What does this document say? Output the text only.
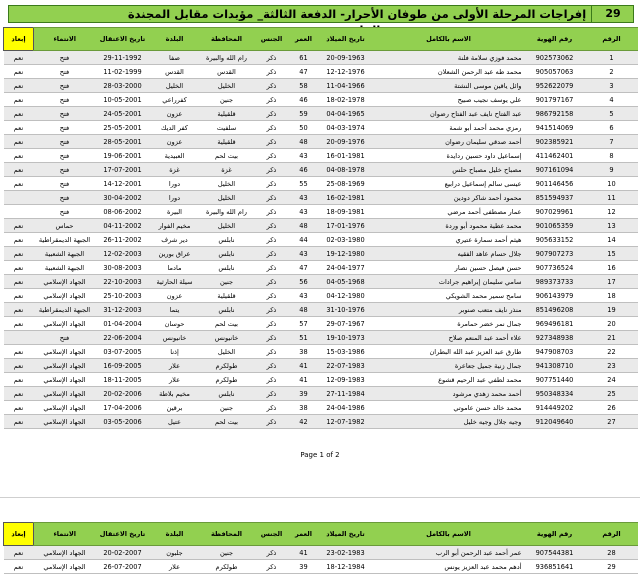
إفراجات المرحلة الأولى من طوفان الأحرار- الدفعة الثالثة_ مؤبدات مقابل المجندة	29
الرقم	رقم الهوية	الاسم بالكامل	تاريخ الميلاد	العمر	الجنس	المحافظة	البلدة	تاريخ الاعتقال	الانتماء	إبعاد
1	902573062	محمد فوزي سلامة فلنة	20-09-1963	61	ذكر	رام الله والبيرة	صفا	29-11-1992	فتح	نعم
2	905057063	محمد طه عبد الرحمن الشعلان	12-12-1976	47	ذكر	القدس	القدس	11-02-1999	فتح	نعم
3	952622079	وائل ياقين موسى النشتة	11-04-1966	58	ذكر	الخليل	الخليل	28-03-2000	فتح	نعم
4	901797167	علي يوسف نجيب صبيح	18-02-1978	46	ذكر	جنين	كفرراعي	10-05-2001	فتح	نعم
5	986792158	عبد الفتاح نايف عبد الفتاح رضوان	04-04-1965	59	ذكر	قلقيلية	عزون	24-05-2001	فتح	نعم
6	941514069	رمزي محمد أحمد أبو شمة	04-03-1974	50	ذكر	سلفيت	كفر الديك	25-05-2001	فتح	نعم
7	902385921	أحمد صدقي سليمان رضوان	20-09-1976	48	ذكر	قلقيلية	عزون	28-05-2001	فتح	نعم
8	411462401	إسماعيل داود حسين ردايدة	16-01-1981	43	ذكر	بيت لحم	العبيدية	19-06-2001	فتح	نعم
9	907161094	مصباح خليل مصباح حلس	04-08-1978	46	ذكر	غزة	غزة	17-07-2001	فتح	نعم
10	901146456	عيسى سالم إسماعيل درابيع	25-08-1969	55	ذكر	الخليل	دورا	14-12-2001	فتح	نعم
11	851594937	محمود أحمد شاكر دودين	16-02-1981	43	ذكر	الخليل	دورا	30-04-2002	فتح	
12	907029961	عمار مصطفى أحمد مرضي	18-09-1981	43	ذكر	رام الله والبيرة	البيرة	08-06-2002	فتح	
13	901065359	محمد عطية محمود أبو وردة	17-01-1976	48	ذكر	الخليل	مخيم الفوار	04-11-2002	حماس	نعم
14	905633152	هيثم أحمد سمارة عتيري	02-03-1980	44	ذكر	نابلس	دير شرف	26-11-2002	الجبهة الديمقراطية	نعم
15	907907273	جلال حسام عاهد الفقيه	19-12-1980	43	ذكر	نابلس	عراق بورين	12-02-2003	الجبهة الشعبية	نعم
16	907736524	حسن فيصل حسين نصار	24-04-1977	47	ذكر	نابلس	مادما	30-08-2003	الجبهة الشعبية	نعم
17	989373733	سامي سليمان إبراهيم جرادات	04-05-1968	56	ذكر	جنين	سيلة الحارثية	22-10-2003	الجهاد الإسلامي	نعم
18	906143979	سامح سمير محمد الشويكي	04-12-1980	43	ذكر	قلقيلية	عزون	25-10-2003	الجهاد الإسلامي	نعم
19	851496208	منذر نايف متعب صنوبر	31-10-1976	48	ذكر	نابلس	يتما	31-12-2003	الجبهة الديمقراطية	نعم
20	969496181	جمال نمر خضر حمامرة	29-07-1967	57	ذكر	بيت لحم	حوسان	01-04-2004	الجهاد الإسلامي	نعم
21	927348938	علاء أحمد عبد المنعم صلاح	19-10-1973	51	ذكر	خانيونس	خانيونس	22-06-2004	فتح	
22	947908703	طارق عبد العزيز عبد الله البطران	15-03-1986	38	ذكر	الخليل	إذنا	03-07-2005	الجهاد الإسلامي	نعم
23	941308710	جمال زنية جميل جعاعرة	22-07-1983	41	ذكر	طولكرم	علار	16-09-2005	الجهاد الإسلامي	نعم
24	907751440	محمد لطفي عبد الرحيم قشوع	12-09-1983	41	ذكر	طولكرم	علار	18-11-2005	الجهاد الإسلامي	نعم
25	950348334	أحمد محمد زهدي مرشود	27-11-1984	39	ذكر	نابلس	مخيم بلاطة	20-02-2006	الجهاد الإسلامي	نعم
26	914449202	محمد خالد حسن عاموتي	24-04-1986	38	ذكر	جنين	برقين	17-04-2006	الجهاد الإسلامي	نعم
27	912049640	وجيه جلال وجيه خليل	12-07-1982	42	ذكر	بيت لحم	عتيل	03-05-2006	الجهاد الإسلامي	نعم
Page 1 of 2
الرقم	رقم الهوية	الاسم بالكامل	تاريخ الميلاد	العمر	الجنس	المحافظة	البلدة	تاريخ الاعتقال	الانتماء	إبعاد
28	907544381	عمر أحمد عبد الرحمن أبو الرب	23-02-1983	41	ذكر	جنين	جلبون	20-02-2007	الجهاد الإسلامي	نعم
29	936851641	أدهم محمد عبد العزيز يونس	18-12-1984	39	ذكر	طولكرم	علار	26-07-2007	الجهاد الإسلامي	نعم
